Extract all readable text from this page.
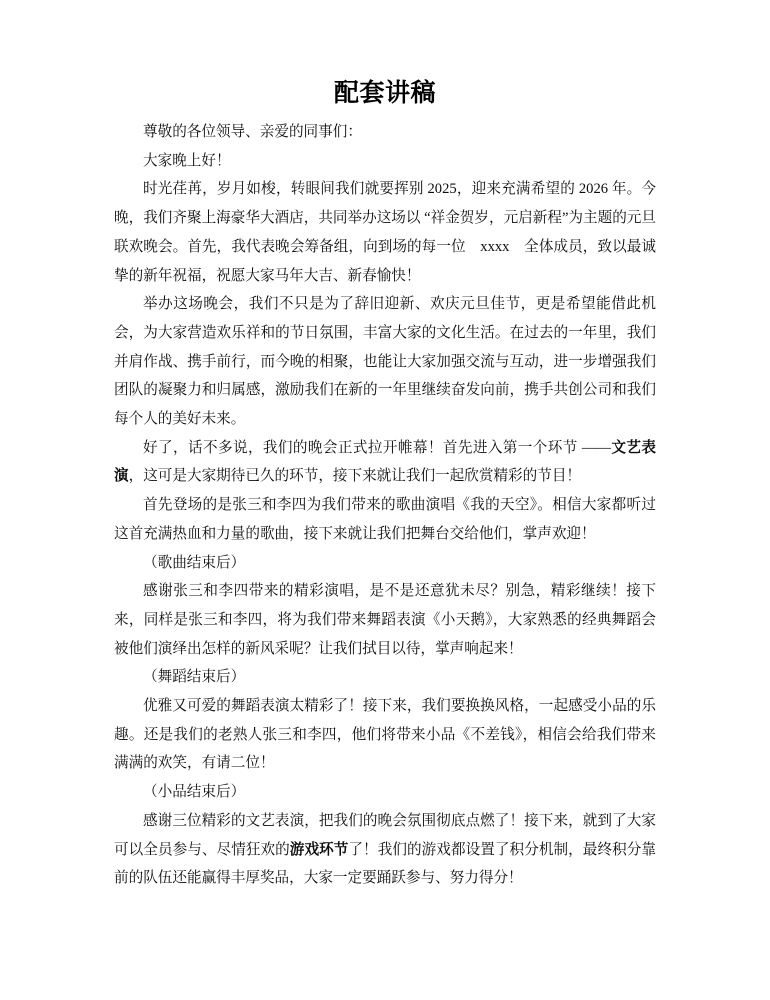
配套讲稿

尊敬的各位领导、亲爱的同事们：

大家晚上好！

时光荏苒，岁月如梭，转眼间我们就要挥别 2025，迎来充满希望的 2026 年。今晚，我们齐聚上海豪华大酒店，共同举办这场以 “祥金贺岁，元启新程”为主题的元旦联欢晚会。首先，我代表晚会筹备组，向到场的每一位　xxxx　全体成员，致以最诚挚的新年祝福，祝愿大家马年大吉、新春愉快！

举办这场晚会，我们不只是为了辞旧迎新、欢庆元旦佳节，更是希望能借此机会，为大家营造欢乐祥和的节日氛围，丰富大家的文化生活。在过去的一年里，我们并肩作战、携手前行，而今晚的相聚，也能让大家加强交流与互动，进一步增强我们团队的凝聚力和归属感，激励我们在新的一年里继续奋发向前，携手共创公司和我们每个人的美好未来。

好了，话不多说，我们的晚会正式拉开帷幕！首先进入第一个环节 ——文艺表演，这可是大家期待已久的环节，接下来就让我们一起欣赏精彩的节目！

首先登场的是张三和李四为我们带来的歌曲演唱《我的天空》。相信大家都听过这首充满热血和力量的歌曲，接下来就让我们把舞台交给他们，掌声欢迎！

（歌曲结束后）

感谢张三和李四带来的精彩演唱，是不是还意犹未尽？别急，精彩继续！接下来，同样是张三和李四，将为我们带来舞蹈表演《小天鹅》，大家熟悉的经典舞蹈会被他们演绎出怎样的新风采呢？让我们拭目以待，掌声响起来！

（舞蹈结束后）

优雅又可爱的舞蹈表演太精彩了！接下来，我们要换换风格，一起感受小品的乐趣。还是我们的老熟人张三和李四，他们将带来小品《不差钱》，相信会给我们带来满满的欢笑，有请二位！

（小品结束后）

感谢三位精彩的文艺表演，把我们的晚会氛围彻底点燃了！接下来，就到了大家可以全员参与、尽情狂欢的游戏环节了！我们的游戏都设置了积分机制，最终积分靠前的队伍还能赢得丰厚奖品，大家一定要踊跃参与、努力得分！
